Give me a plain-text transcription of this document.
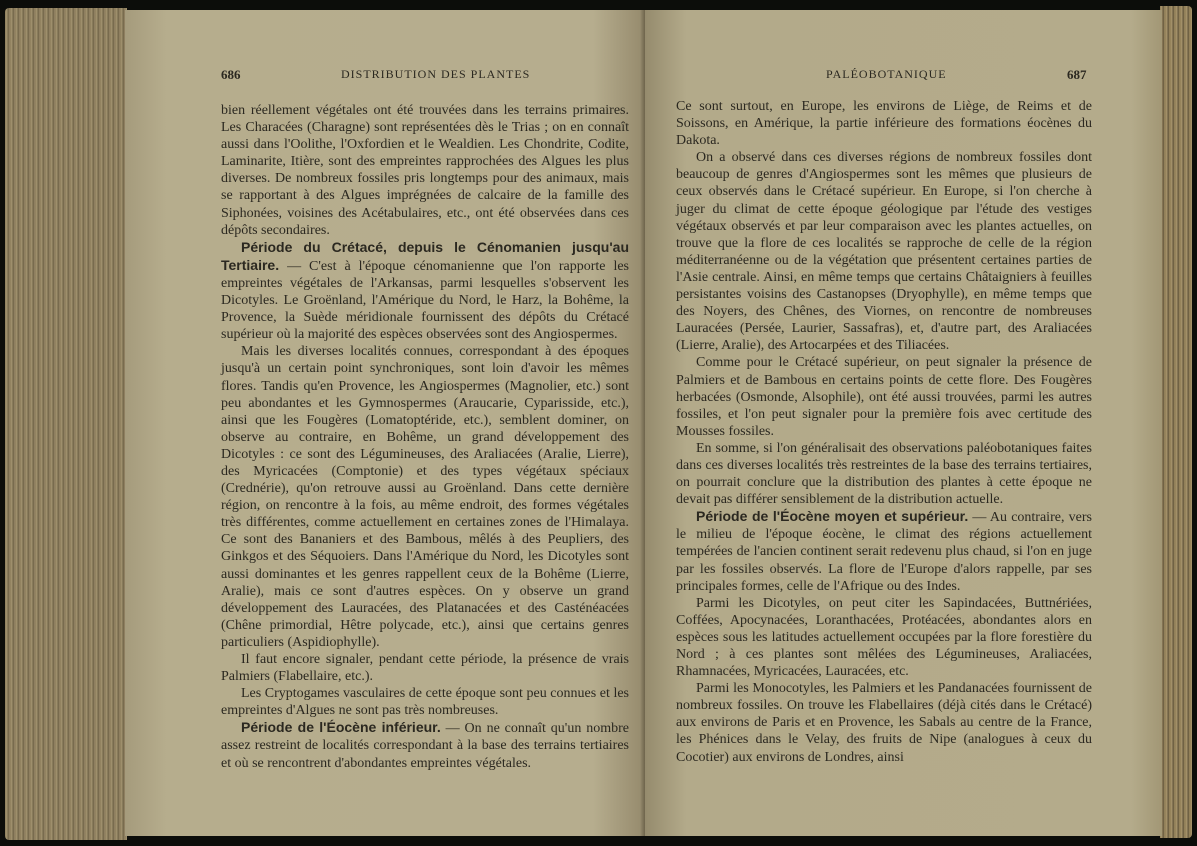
686	DISTRIBUTION DES PLANTES

bien réellement végétales ont été trouvées dans les terrains primaires. Les Characées (Charagne) sont représentées dès le Trias ; on en connaît aussi dans l'Oolithe, l'Oxfordien et le Wealdien. Les Chondrite, Codite, Laminarite, Itière, sont des empreintes rapprochées des Algues les plus diverses. De nombreux fossiles pris longtemps pour des animaux, mais se rapportant à des Algues imprégnées de calcaire de la famille des Siphonées, voisines des Acétabulaires, etc., ont été observées dans ces dépôts secondaires.

Période du Crétacé, depuis le Cénomanien jusqu'au Tertiaire. — C'est à l'époque cénomanienne que l'on rapporte les empreintes végétales de l'Arkansas, parmi lesquelles s'observent les Dicotyles. Le Groënland, l'Amérique du Nord, le Harz, la Bohême, la Provence, la Suède méridionale fournissent des dépôts du Crétacé supérieur où la majorité des espèces observées sont des Angiospermes.

Mais les diverses localités connues, correspondant à des époques jusqu'à un certain point synchroniques, sont loin d'avoir les mêmes flores. Tandis qu'en Provence, les Angiospermes (Magnolier, etc.) sont peu abondantes et les Gymnospermes (Araucarie, Cyparisside, etc.), ainsi que les Fougères (Lomatoptéride, etc.), semblent dominer, on observe au contraire, en Bohême, un grand développement des Dicotyles : ce sont des Légumineuses, des Araliacées (Aralie, Lierre), des Myricacées (Comptonie) et des types végétaux spéciaux (Crednérie), qu'on retrouve aussi au Groënland. Dans cette dernière région, on rencontre à la fois, au même endroit, des formes végétales très différentes, comme actuellement en certaines zones de l'Himalaya. Ce sont des Bananiers et des Bambous, mêlés à des Peupliers, des Ginkgos et des Séquoiers. Dans l'Amérique du Nord, les Dicotyles sont aussi dominantes et les genres rappellent ceux de la Bohême (Lierre, Aralie), mais ce sont d'autres espèces. On y observe un grand développement des Lauracées, des Platanacées et des Casténéacées (Chêne primordial, Hêtre polycade, etc.), ainsi que certains genres particuliers (Aspidiophylle).

Il faut encore signaler, pendant cette période, la présence de vrais Palmiers (Flabellaire, etc.).

Les Cryptogames vasculaires de cette époque sont peu connues et les empreintes d'Algues ne sont pas très nombreuses.

Période de l'Éocène inférieur. — On ne connaît qu'un nombre assez restreint de localités correspondant à la base des terrains tertiaires et où se rencontrent d'abondantes empreintes végétales.

PALÉOBOTANIQUE	687

Ce sont surtout, en Europe, les environs de Liège, de Reims et de Soissons, en Amérique, la partie inférieure des formations éocènes du Dakota.

On a observé dans ces diverses régions de nombreux fossiles dont beaucoup de genres d'Angiospermes sont les mêmes que plusieurs de ceux observés dans le Crétacé supérieur. En Europe, si l'on cherche à juger du climat de cette époque géologique par l'étude des vestiges végétaux observés et par leur comparaison avec les plantes actuelles, on trouve que la flore de ces localités se rapproche de celle de la région méditerranéenne ou de la végétation que présentent certaines parties de l'Asie centrale. Ainsi, en même temps que certains Châtaigniers à feuilles persistantes voisins des Castanopses (Dryophylle), en même temps que des Noyers, des Chênes, des Viornes, on rencontre de nombreuses Lauracées (Persée, Laurier, Sassafras), et, d'autre part, des Araliacées (Lierre, Aralie), des Artocarpées et des Tiliacées.

Comme pour le Crétacé supérieur, on peut signaler la présence de Palmiers et de Bambous en certains points de cette flore. Des Fougères herbacées (Osmonde, Alsophile), ont été aussi trouvées, parmi les autres fossiles, et l'on peut signaler pour la première fois avec certitude des Mousses fossiles.

En somme, si l'on généralisait des observations paléobotaniques faites dans ces diverses localités très restreintes de la base des terrains tertiaires, on pourrait conclure que la distribution des plantes à cette époque ne devait pas différer sensiblement de la distribution actuelle.

Période de l'Éocène moyen et supérieur. — Au contraire, vers le milieu de l'époque éocène, le climat des régions actuellement tempérées de l'ancien continent serait redevenu plus chaud, si l'on en juge par les fossiles observés. La flore de l'Europe d'alors rappelle, par ses principales formes, celle de l'Afrique ou des Indes.

Parmi les Dicotyles, on peut citer les Sapindacées, Buttnériées, Coffées, Apocynacées, Loranthacées, Protéacées, abondantes alors en espèces sous les latitudes actuellement occupées par la flore forestière du Nord ; à ces plantes sont mêlées des Légumineuses, Araliacées, Rhamnacées, Myricacées, Lauracées, etc.

Parmi les Monocotyles, les Palmiers et les Pandanacées fournissent de nombreux fossiles. On trouve les Flabellaires (déjà cités dans le Crétacé) aux environs de Paris et en Provence, les Sabals au centre de la France, les Phénices dans le Velay, des fruits de Nipe (analogues à ceux du Cocotier) aux environs de Londres, ainsi
